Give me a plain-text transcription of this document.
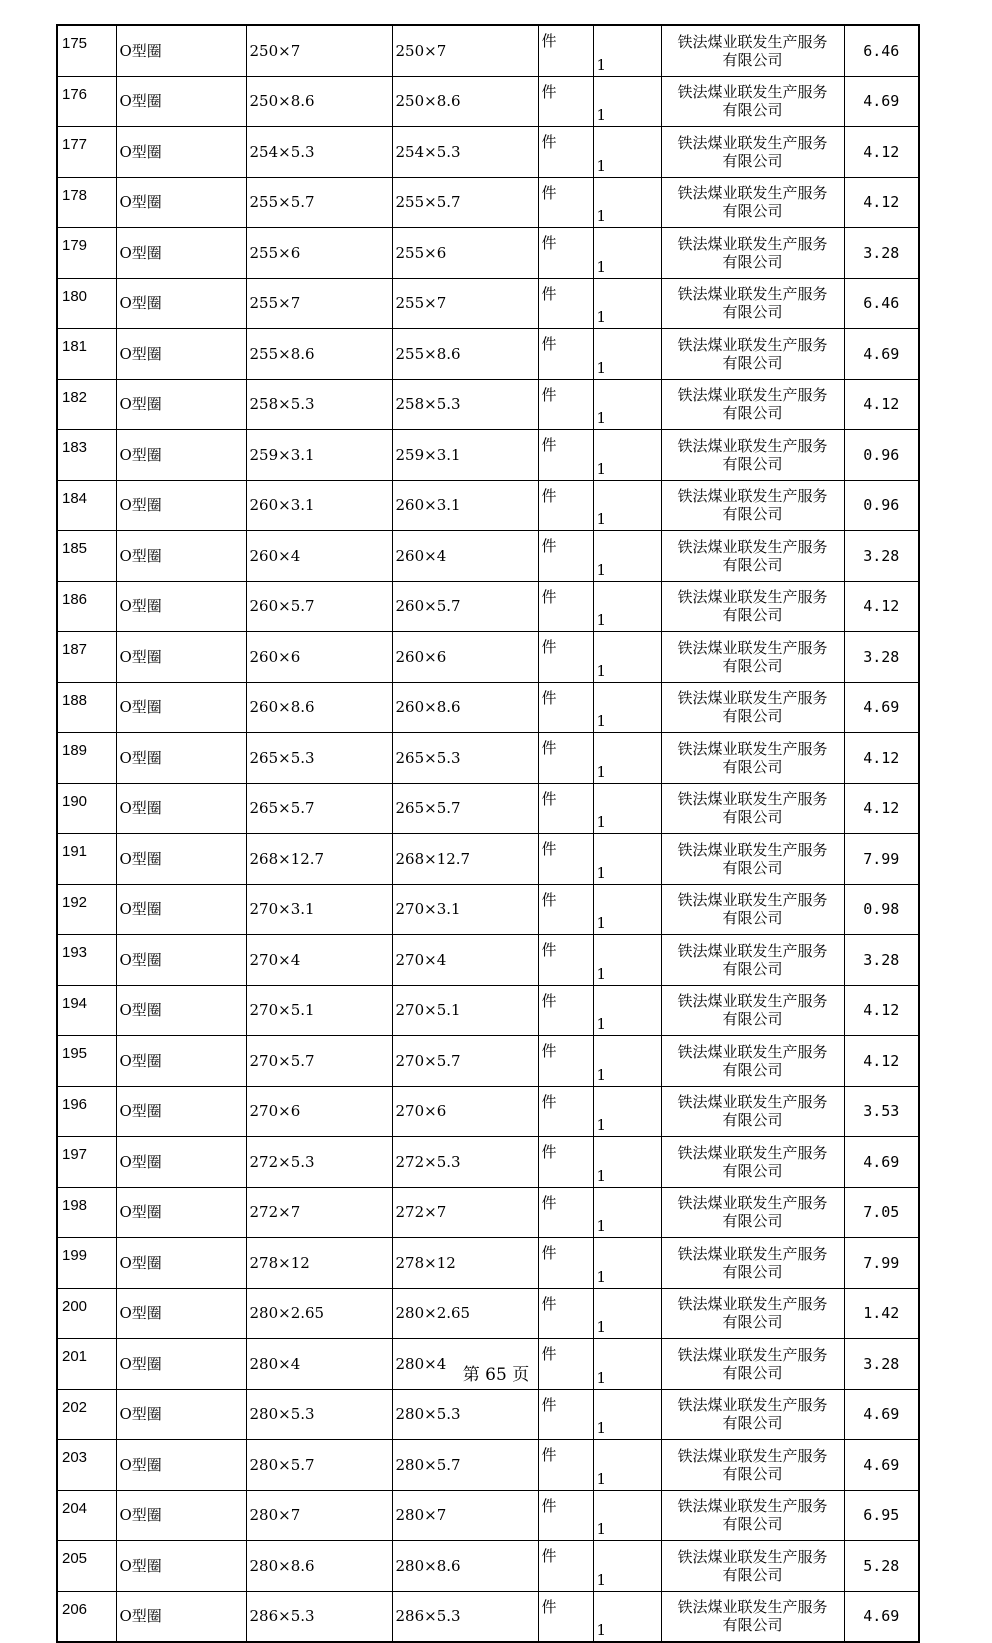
175	O型圈	250×7	250×7	件	1	铁法煤业联发生产服务
有限公司	6.46
176	O型圈	250×8.6	250×8.6	件	1	铁法煤业联发生产服务
有限公司	4.69
177	O型圈	254×5.3	254×5.3	件	1	铁法煤业联发生产服务
有限公司	4.12
178	O型圈	255×5.7	255×5.7	件	1	铁法煤业联发生产服务
有限公司	4.12
179	O型圈	255×6	255×6	件	1	铁法煤业联发生产服务
有限公司	3.28
180	O型圈	255×7	255×7	件	1	铁法煤业联发生产服务
有限公司	6.46
181	O型圈	255×8.6	255×8.6	件	1	铁法煤业联发生产服务
有限公司	4.69
182	O型圈	258×5.3	258×5.3	件	1	铁法煤业联发生产服务
有限公司	4.12
183	O型圈	259×3.1	259×3.1	件	1	铁法煤业联发生产服务
有限公司	0.96
184	O型圈	260×3.1	260×3.1	件	1	铁法煤业联发生产服务
有限公司	0.96
185	O型圈	260×4	260×4	件	1	铁法煤业联发生产服务
有限公司	3.28
186	O型圈	260×5.7	260×5.7	件	1	铁法煤业联发生产服务
有限公司	4.12
187	O型圈	260×6	260×6	件	1	铁法煤业联发生产服务
有限公司	3.28
188	O型圈	260×8.6	260×8.6	件	1	铁法煤业联发生产服务
有限公司	4.69
189	O型圈	265×5.3	265×5.3	件	1	铁法煤业联发生产服务
有限公司	4.12
190	O型圈	265×5.7	265×5.7	件	1	铁法煤业联发生产服务
有限公司	4.12
191	O型圈	268×12.7	268×12.7	件	1	铁法煤业联发生产服务
有限公司	7.99
192	O型圈	270×3.1	270×3.1	件	1	铁法煤业联发生产服务
有限公司	0.98
193	O型圈	270×4	270×4	件	1	铁法煤业联发生产服务
有限公司	3.28
194	O型圈	270×5.1	270×5.1	件	1	铁法煤业联发生产服务
有限公司	4.12
195	O型圈	270×5.7	270×5.7	件	1	铁法煤业联发生产服务
有限公司	4.12
196	O型圈	270×6	270×6	件	1	铁法煤业联发生产服务
有限公司	3.53
197	O型圈	272×5.3	272×5.3	件	1	铁法煤业联发生产服务
有限公司	4.69
198	O型圈	272×7	272×7	件	1	铁法煤业联发生产服务
有限公司	7.05
199	O型圈	278×12	278×12	件	1	铁法煤业联发生产服务
有限公司	7.99
200	O型圈	280×2.65	280×2.65	件	1	铁法煤业联发生产服务
有限公司	1.42
201	O型圈	280×4	280×4	件	1	铁法煤业联发生产服务
有限公司	3.28
202	O型圈	280×5.3	280×5.3	件	1	铁法煤业联发生产服务
有限公司	4.69
203	O型圈	280×5.7	280×5.7	件	1	铁法煤业联发生产服务
有限公司	4.69
204	O型圈	280×7	280×7	件	1	铁法煤业联发生产服务
有限公司	6.95
205	O型圈	280×8.6	280×8.6	件	1	铁法煤业联发生产服务
有限公司	5.28
206	O型圈	286×5.3	286×5.3	件	1	铁法煤业联发生产服务
有限公司	4.69
第 65 页
